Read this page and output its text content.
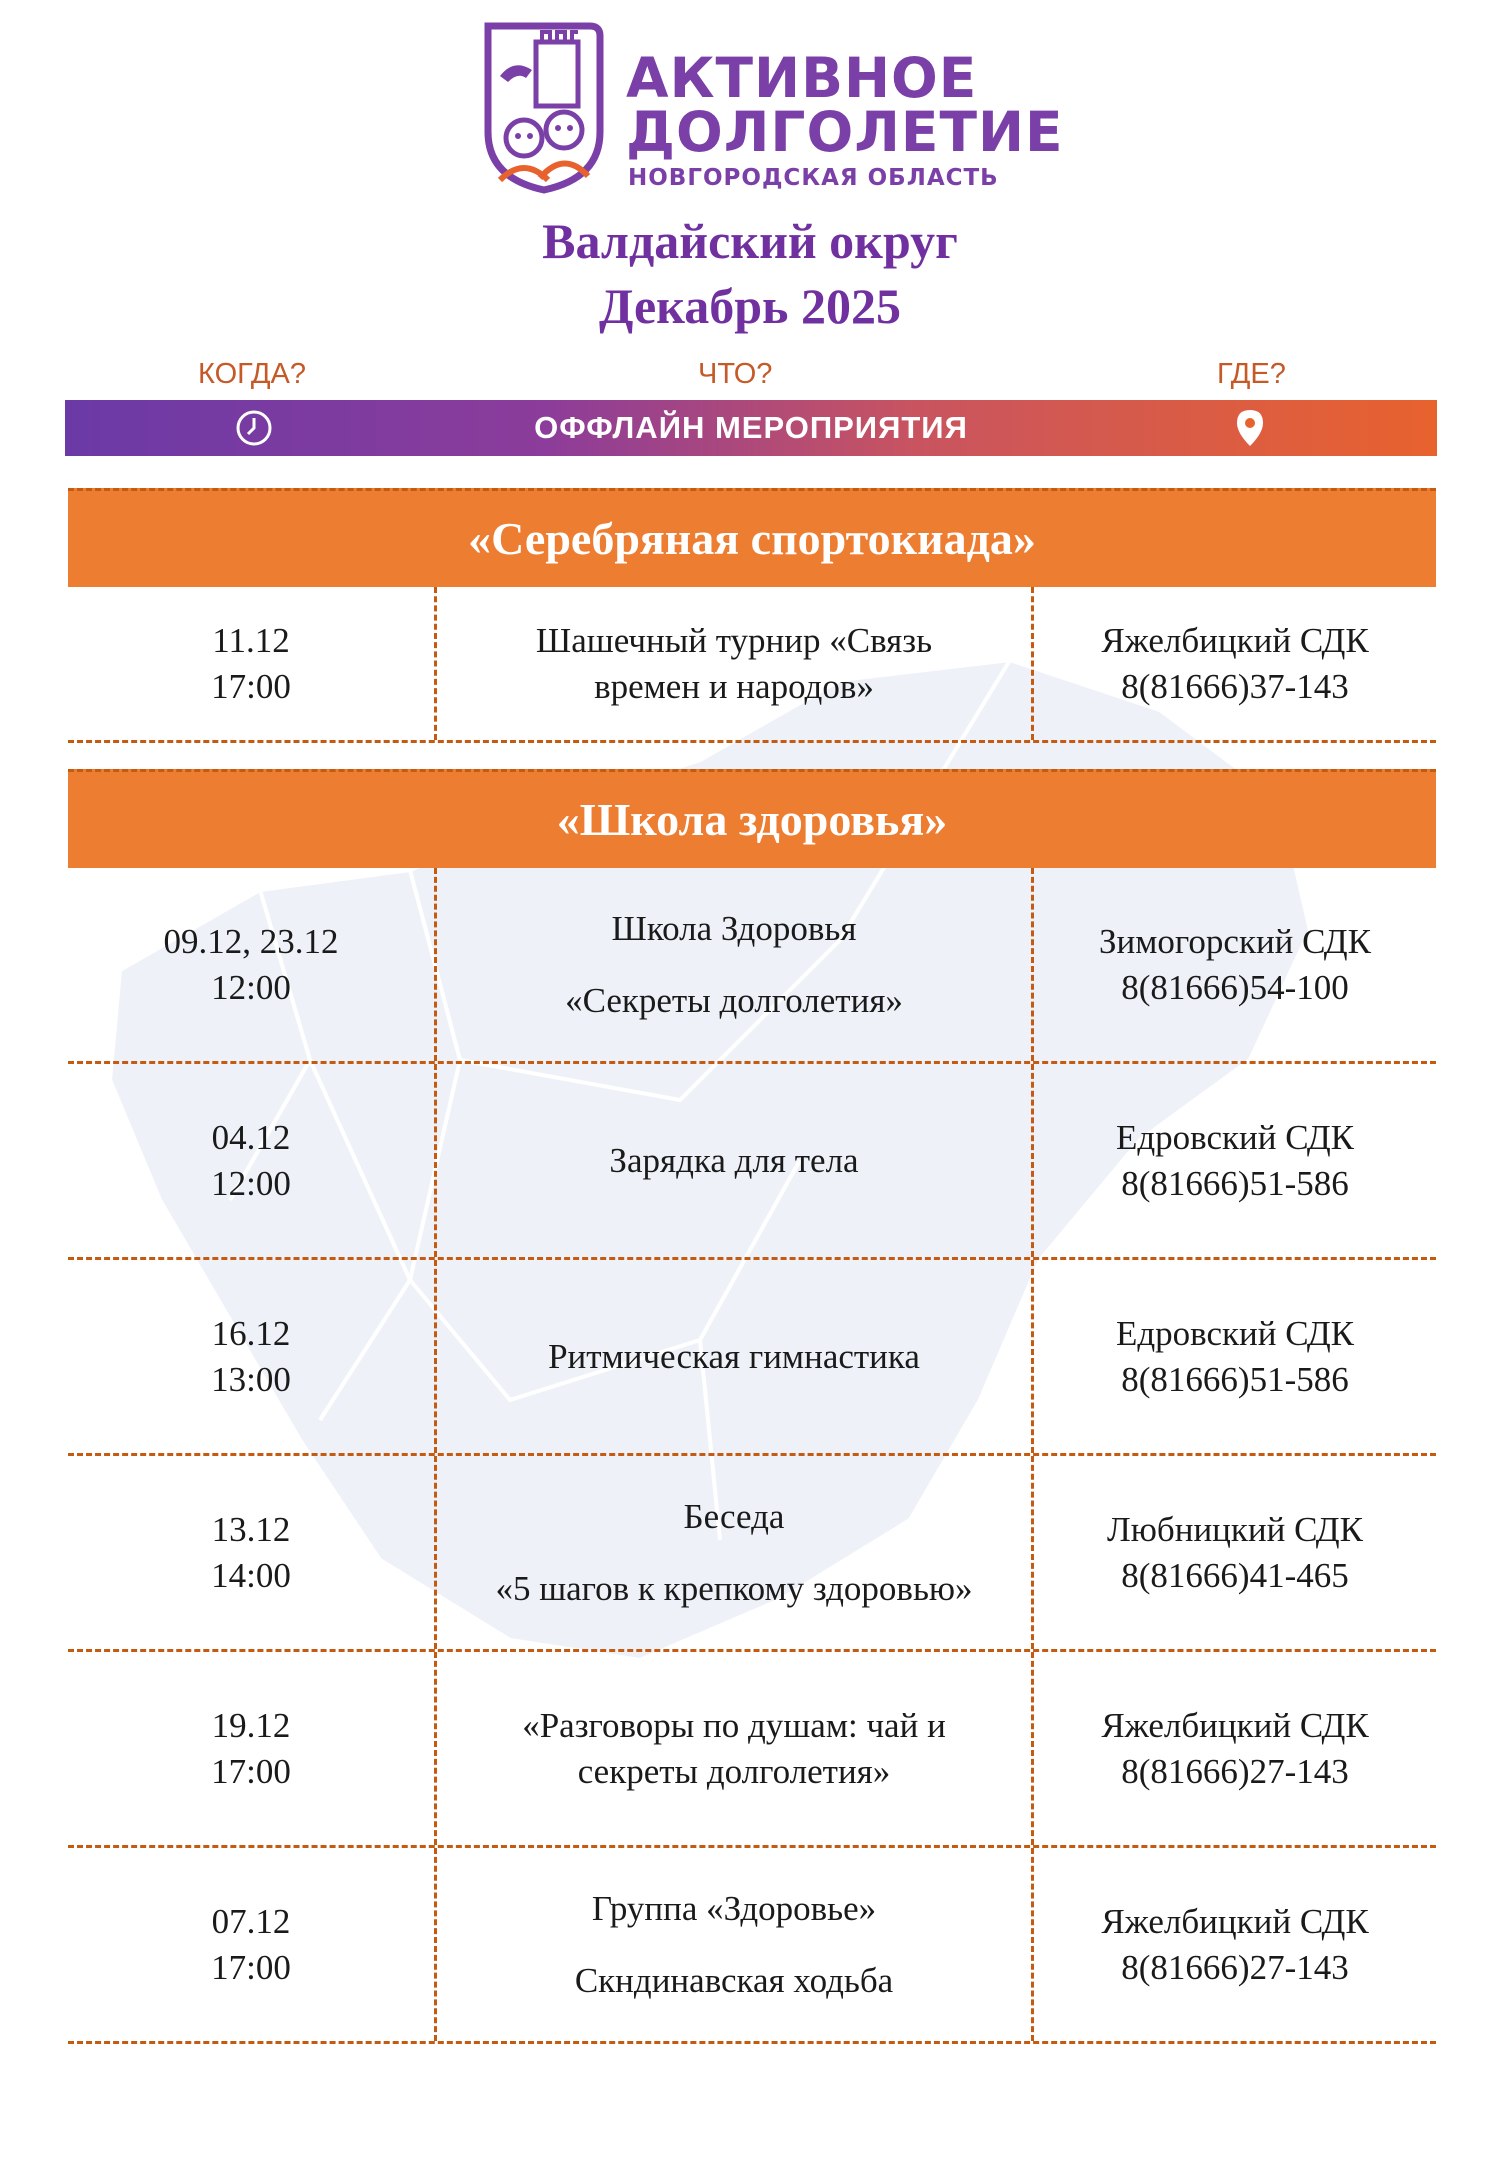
АКТИВНОЕ
ДОЛГОЛЕТИЕ
НОВГОРОДСКАЯ ОБЛАСТЬ
Валдайский округ
Декабрь 2025
КОГДА?	ЧТО?	ГДЕ?
ОФФЛАЙН МЕРОПРИЯТИЯ
«Серебряная спортокиада»
11.12
17:00
Шашечный турнир «Связь
времен и народов»
Яжелбицкий СДК
8(81666)37-143
«Школа здоровья»
09.12, 23.12
12:00
Школа Здоровья
«Секреты долголетия»
Зимогорский СДК
8(81666)54-100
04.12
12:00
Зарядка для тела
Едровский СДК
8(81666)51-586
16.12
13:00
Ритмическая гимнастика
Едровский СДК
8(81666)51-586
13.12
14:00
Беседа
«5 шагов к крепкому здоровью»
Любницкий СДК
8(81666)41-465
19.12
17:00
«Разговоры по душам: чай и
секреты долголетия»
Яжелбицкий СДК
8(81666)27-143
07.12
17:00
Группа «Здоровье»
Скндинавская ходьба
Яжелбицкий СДК
8(81666)27-143
